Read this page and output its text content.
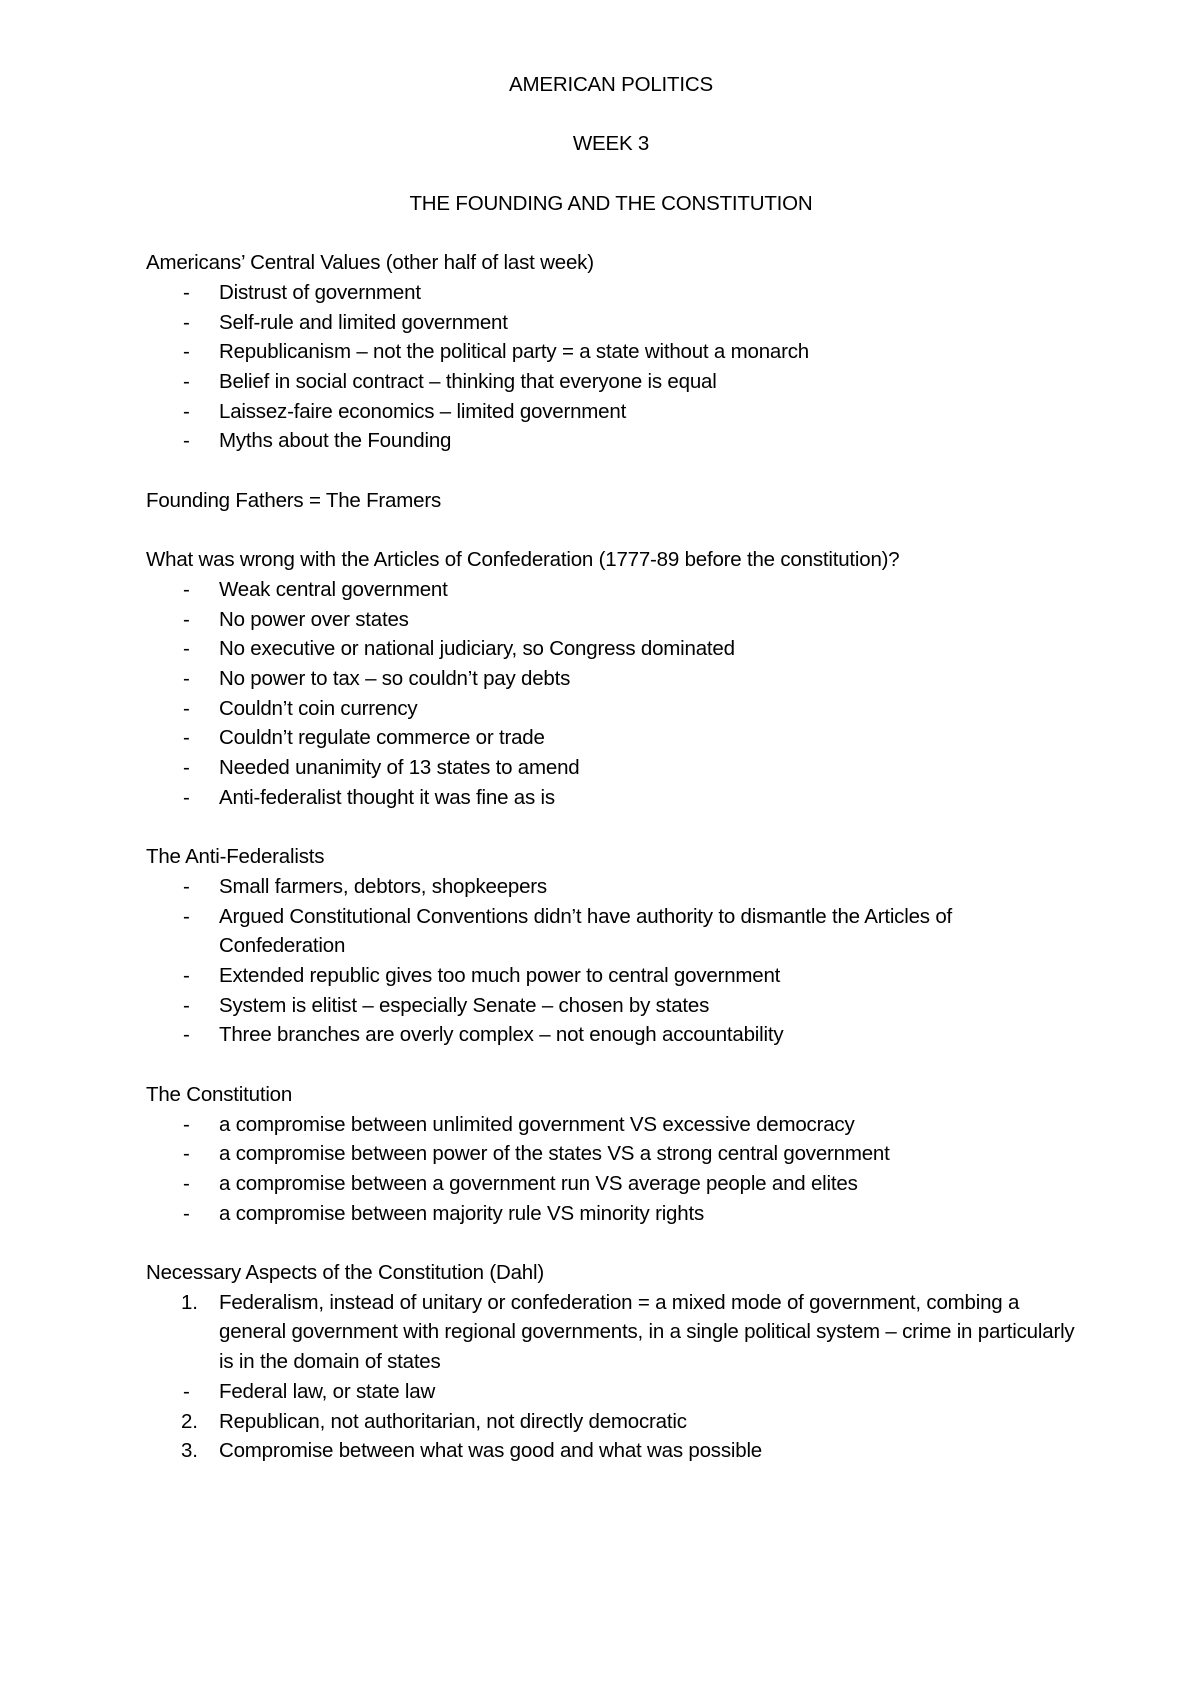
AMERICAN POLITICS

WEEK 3

THE FOUNDING AND THE CONSTITUTION

Americans’ Central Values (other half of last week)

- Distrust of government
- Self-rule and limited government
- Republicanism – not the political party = a state without a monarch
- Belief in social contract – thinking that everyone is equal
- Laissez-faire economics – limited government
- Myths about the Founding

Founding Fathers = The Framers

What was wrong with the Articles of Confederation (1777-89 before the constitution)?

- Weak central government
- No power over states
- No executive or national judiciary, so Congress dominated
- No power to tax – so couldn’t pay debts
- Couldn’t coin currency
- Couldn’t regulate commerce or trade
- Needed unanimity of 13 states to amend
- Anti-federalist thought it was fine as is

The Anti-Federalists

- Small farmers, debtors, shopkeepers
- Argued Constitutional Conventions didn’t have authority to dismantle the Articles of Confederation
- Extended republic gives too much power to central government
- System is elitist – especially Senate – chosen by states
- Three branches are overly complex – not enough accountability

The Constitution

- a compromise between unlimited government VS excessive democracy
- a compromise between power of the states VS a strong central government
- a compromise between a government run VS average people and elites
- a compromise between majority rule VS minority rights

Necessary Aspects of the Constitution (Dahl)

1. Federalism, instead of unitary or confederation = a mixed mode of government, combing a general government with regional governments, in a single political system – crime in particularly is in the domain of states
- Federal law, or state law
2. Republican, not authoritarian, not directly democratic
3. Compromise between what was good and what was possible
